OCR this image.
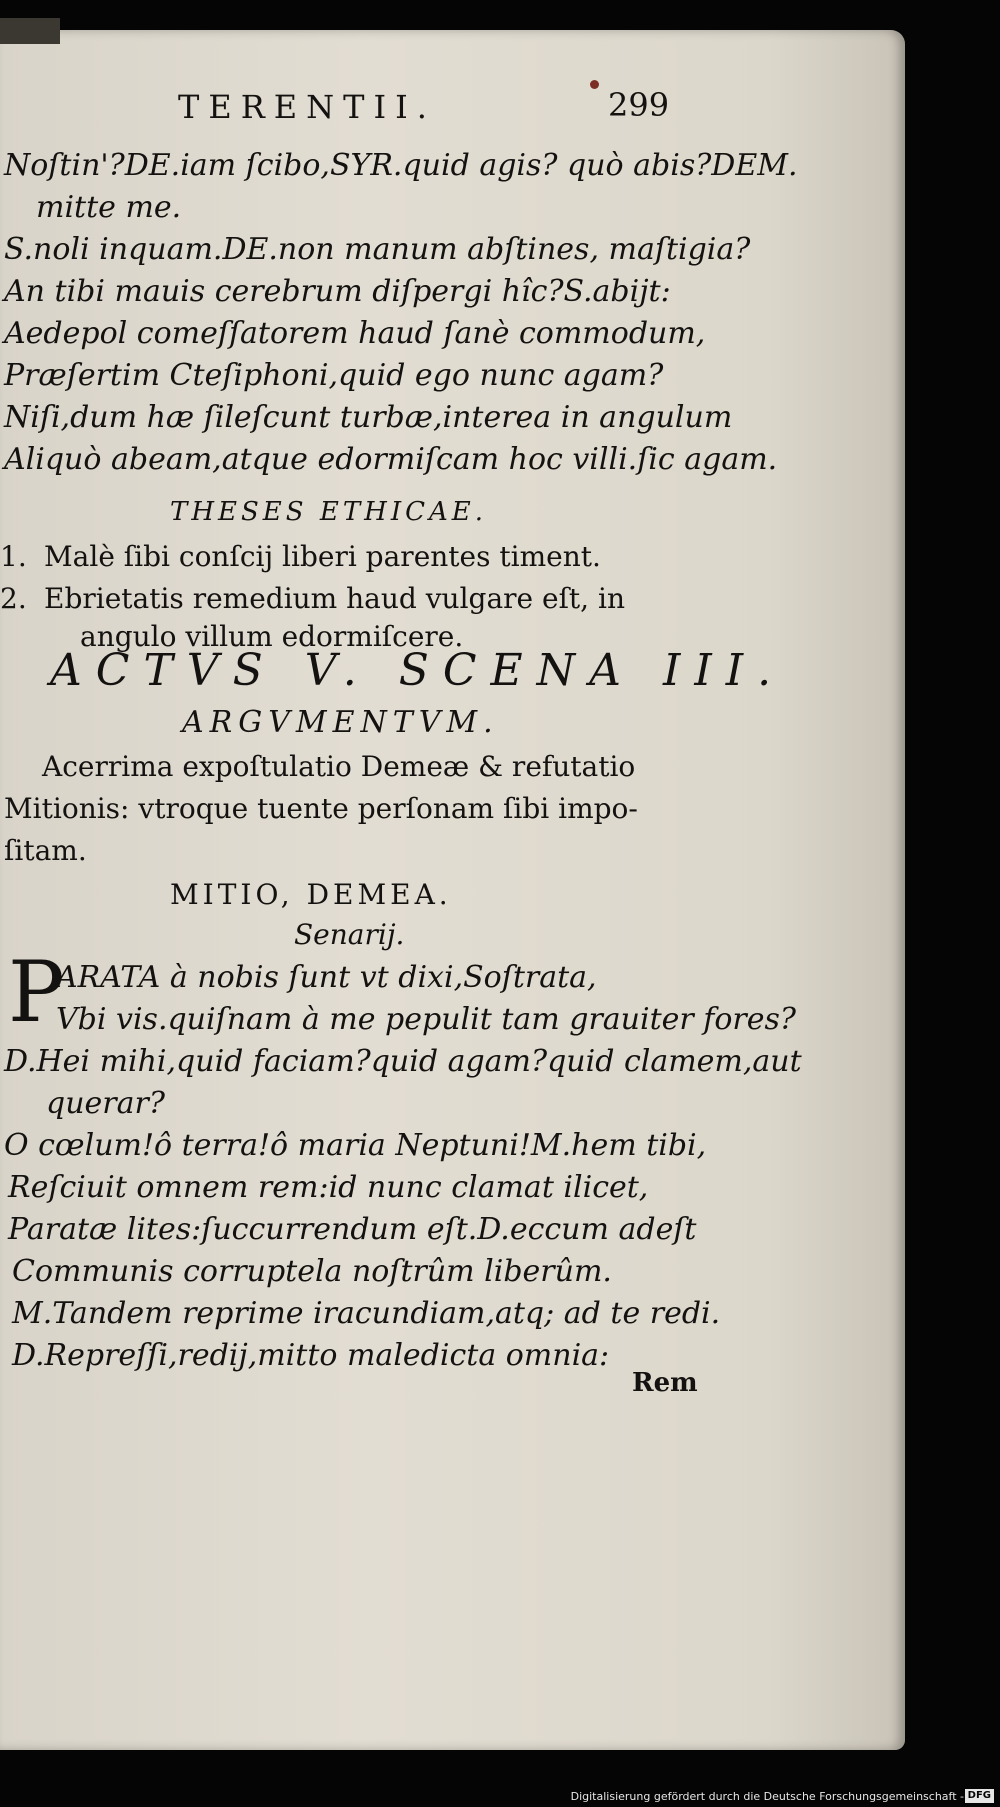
TERENTII.	299
Noſtin'?DE.iam ſcibo,SYR.quid agis? quò abis?DEM.
mitte me.
S.noli inquam.DE.non manum abſtines, maſtigia?
An tibi mauis cerebrum diſpergi hîc?S.abijt:
Aedepol comeſſatorem haud ſanè commodum,
Præſertim Cteſiphoni,quid ego nunc agam?
Niſi,dum hæ ſileſcunt turbæ,interea in angulum
Aliquò abeam,atque edormiſcam hoc villi.ſic agam.
THESES ETHICAE.
1. Malè ſibi conſcij liberi parentes timent.
2. Ebrietatis remedium haud vulgare eſt, in
angulo villum edormiſcere.
ACTVS V. SCENA III.
ARGVMENTVM.
Acerrima expoſtulatio Demeæ & refutatio
Mitionis: vtroque tuente perſonam ſibi impo-
ſitam.
MITIO, DEMEA.
Senarij.
P
ARATA à nobis ſunt vt dixi,Soſtrata,
Vbi vis.quiſnam à me pepulit tam grauiter fores?
D.Hei mihi,quid faciam?quid agam?quid clamem,aut
querar?
O cœlum!ô terra!ô maria Neptuni!M.hem tibi,
Reſciuit omnem rem:id nunc clamat ilicet,
Paratæ lites:ſuccurrendum eſt.D.eccum adeſt
Communis corruptela noſtrûm liberûm.
M.Tandem reprime iracundiam,atq; ad te redi.
D.Repreſſi,redij,mitto maledicta omnia:
Rem
Digitalisierung gefördert durch die Deutsche Forschungsgemeinschaft - DFG
